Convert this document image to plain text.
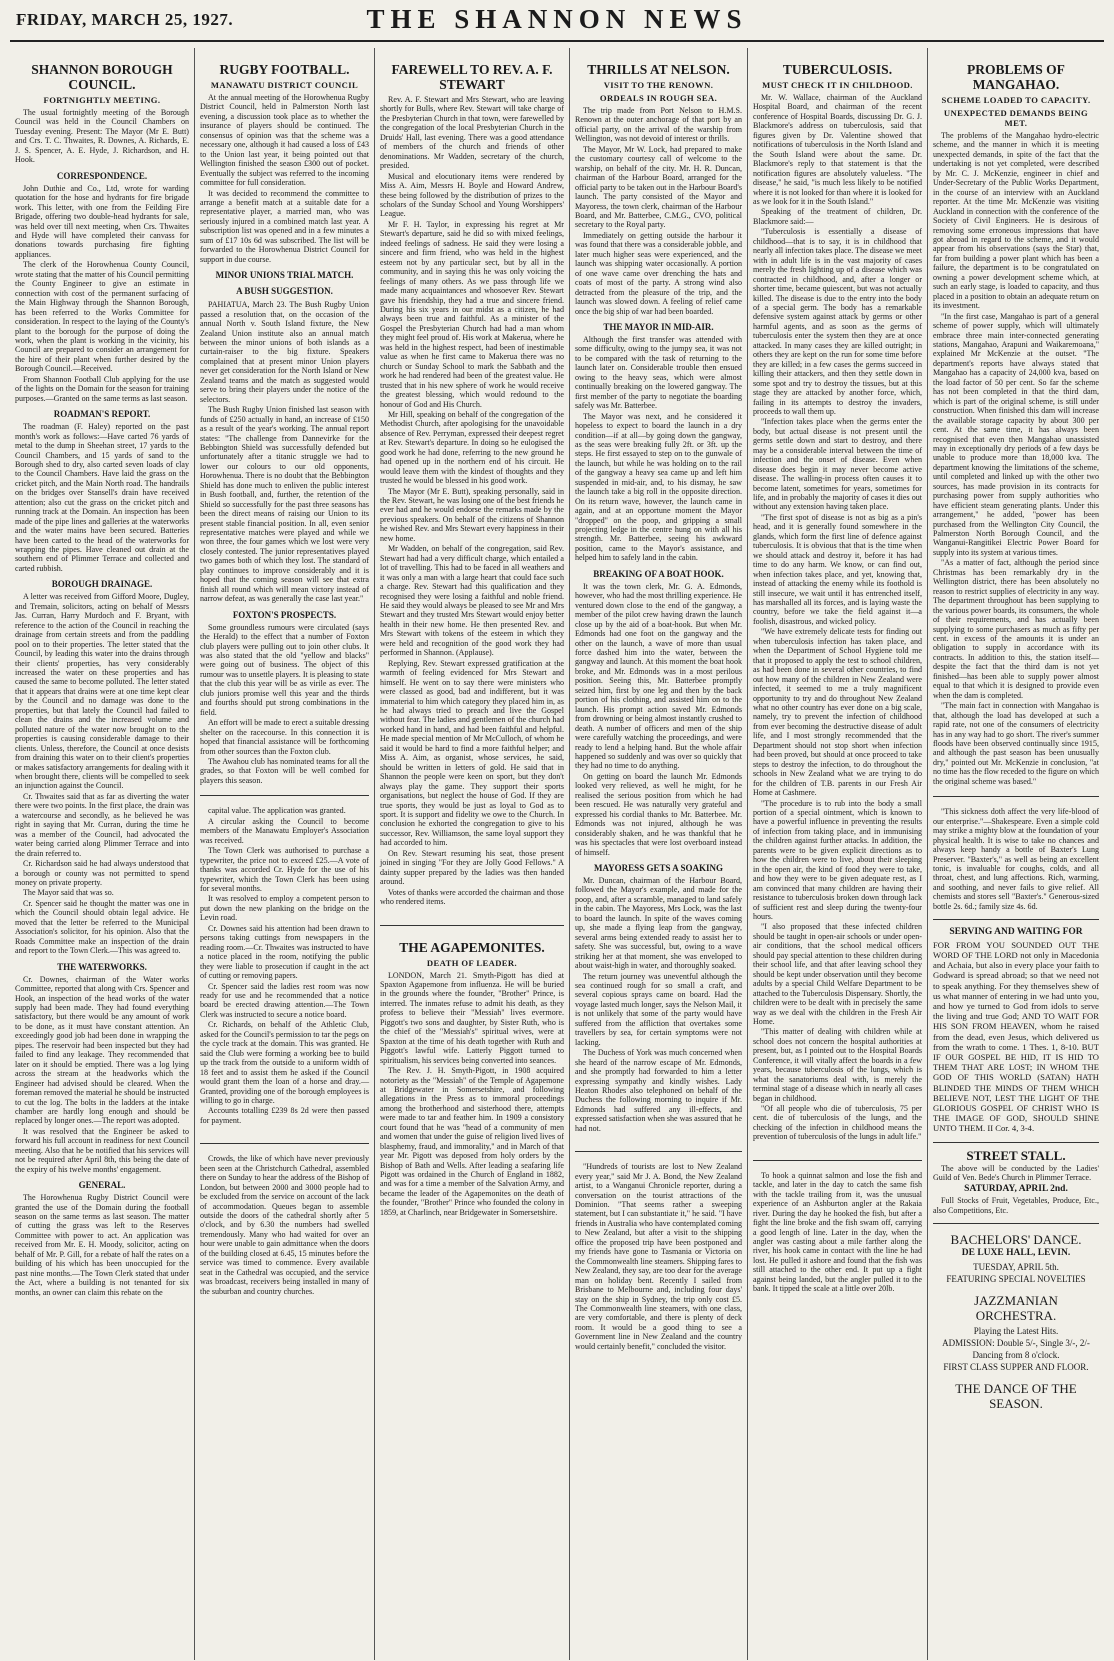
FRIDAY, MARCH 25, 1927.	THE SHANNON NEWS
SHANNON BOROUGH COUNCIL.
FORTNIGHTLY MEETING.

The usual fortnightly meeting of the Borough Council was held in the Council Chambers on Tuesday evening. Present: The Mayor (Mr E. Butt) and Crs. T. C. Thwaites, R. Downes, A. Richards, E. J. S. Spencer, A. E. Hyde, J. Richardson, and H. Hook.

CORRESPONDENCE.

John Duthie and Co., Ltd, wrote for warding quotation for the hose and hydrants for fire brigade work. This letter, with one from the Feilding Fire Brigade, offering two double-head hydrants for sale, was held over till next meeting, when Crs. Thwaites and Hyde will have completed their canvass for donations towards purchasing fire fighting appliances.

The clerk of the Horowhenua County Council, wrote stating that the matter of his Council permitting the County Engineer to give an estimate in connection with cost of the permanent surfacing of the Main Highway through the Shannon Borough, has been referred to the Works Committee for consideration. In respect to the laying of the County's plant to the borough for the purpose of doing the work, when the plant is working in the vicinity, his Council are prepared to consider an arrangement for the hire of their plant when further desired by the Borough Council.—Received.

From Shannon Football Club applying for the use of the lights on the Domain for the season for training purposes.—Granted on the same terms as last season.

ROADMAN'S REPORT.

The roadman (F. Haley) reported on the past month's work as follows:—Have carted 76 yards of metal to the dump in Sheehan street, 17 yards to the Council Chambers, and 15 yards of sand to the Borough shed to dry, also carted seven loads of clay to the Council Chambers. Have laid the grass on the cricket pitch, and the Main North road. The handrails on the bridges over Stansell's drain have received attention; also cut the grass on the cricket pitch and running track at the Domain. An inspection has been made of the pipe lines and galleries at the waterworks and the water mains have been secured. Batteries have been carted to the head of the waterworks for wrapping the pipes. Have cleaned out drain at the southern end of Plimmer Terrace and collected and carted rubbish.

BOROUGH DRAINAGE.

A letter was received from Gifford Moore, Dugley, and Tremain, solicitors, acting on behalf of Messrs Jas. Curran, Harry Murdoch and F. Bryant, with reference to the action of the Council in reaching the drainage from certain streets and from the paddling pool on to their properties. The letter stated that the Council, by leading this water into the drains through their clients' properties, has very considerably increased the water on these properties and has caused the same to become polluted. The letter stated that it appears that drains were at one time kept clear by the Council and no damage was done to the properties, but that lately the Council had failed to clean the drains and the increased volume and polluted nature of the water now brought on to the properties is causing considerable damage to their clients. Unless, therefore, the Council at once desists from draining this water on to their client's properties or makes satisfactory arrangements for dealing with it when brought there, clients will be compelled to seek an injunction against the Council.

Cr. Thwaites said that as far as diverting the water there were two points. In the first place, the drain was a watercourse and secondly, as he believed he was right in saying that Mr. Curran, during the time he was a member of the Council, had advocated the water being carried along Plimmer Terrace and into the drain referred to.

Cr. Richardson said he had always understood that a borough or county was not permitted to spend money on private property.

The Mayor said that was so.

Cr. Spencer said he thought the matter was one in which the Council should obtain legal advice. He moved that the letter be referred to the Municipal Association's solicitor, for his opinion. Also that the Roads Committee make an inspection of the drain and report to the Town Clerk.—This was agreed to.

THE WATERWORKS.

Cr. Downes, chairman of the Water works Committee, reported that along with Crs. Spencer and Hook, an inspection of the head works of the water supply had been made. They had found everything satisfactory, but there would be any amount of work to be done, as it must have constant attention. An exceedingly good job had been done in wrapping the pipes. The reservoir had been inspected but they had failed to find any leakage. They recommended that later on it should be emptied. There was a log lying across the stream at the headworks which the Engineer had advised should be cleared. When the foreman removed the material he should be instructed to cut the log. The bolts in the ladders at the intake chamber are hardly long enough and should be replaced by longer ones.—The report was adopted.

It was resolved that the Engineer be asked to forward his full account in readiness for next Council meeting. Also that he be notified that his services will not be required after April 8th, this being the date of the expiry of his twelve months' engagement.

GENERAL.

The Horowhenua Rugby District Council were granted the use of the Domain during the football season on the same terms as last season. The matter of cutting the grass was left to the Reserves Committee with power to act. An application was received from Mr. E. H. Moody, solicitor, acting on behalf of Mr. P. Gill, for a rebate of half the rates on a building of his which has been unoccupied for the past nine months.—The Town Clerk stated that under the Act, where a building is not tenanted for six months, an owner can claim this rebate on the

RUGBY FOOTBALL.
MANAWATU DISTRICT COUNCIL

At the annual meeting of the Horowhenua Rugby District Council, held in Palmerston North last evening, a discussion took place as to whether the insurance of players should be continued. The consensus of opinion was that the scheme was a necessary one, although it had caused a loss of £43 to the Union last year, it being pointed out that Wellington finished the season £300 out of pocket. Eventually the subject was referred to the incoming committee for full consideration.

It was decided to recommend the committee to arrange a benefit match at a suitable date for a representative player, a married man, who was seriously injured in a combined match last year. A subscription list was opened and in a few minutes a sum of £17 10s 6d was subscribed. The list will be forwarded to the Horowhenua District Council for support in due course.

MINOR UNIONS TRIAL MATCH.
A BUSH SUGGESTION.

PAHIATUA, March 23. The Bush Rugby Union passed a resolution that, on the occasion of the annual North v. South Island fixture, the New Zealand Union institute also an annual match between the minor unions of both islands as a curtain-raiser to the big fixture. Speakers complained that at present minor Union players never get consideration for the North Island or New Zealand teams and the match as suggested would serve to bring their players under the notice of the selectors.

The Bush Rugby Union finished last season with funds of £250 actually in hand, an increase of £150 as a result of the year's working. The annual report states: "The challenge from Dannevirke for the Bebbington Shield was successfully defended but unfortunately after a titanic struggle we had to lower our colours to our old opponents, Horowhenua. There is no doubt that the Bebbington Shield has done much to enliven the public interest in Bush football, and, further, the retention of the Shield so successfully for the past three seasons has been the direct means of raising our Union to its present stable financial position. In all, even senior representative matches were played and while we won three, the four games which we lost were very closely contested. The junior representatives played two games both of which they lost. The standard of play continues to improve considerably and it is hoped that the coming season will see that extra finish all round which will mean victory instead of narrow defeat, as was generally the case last year."

FOXTON'S PROSPECTS.

Some groundless rumours were circulated (says the Herald) to the effect that a number of Foxton club players were pulling out to join other clubs. It was also stated that the old "yellow and blacks" were going out of business. The object of this rumour was to unsettle players. It is pleasing to state that the club this year will be as virile as ever. The club juniors promise well this year and the thirds and fourths should put strong combinations in the field.

An effort will be made to erect a suitable dressing shelter on the racecourse. In this connection it is hoped that financial assistance will be forthcoming from other sources than the Foxton club.

The Awahou club has nominated teams for all the grades, so that Foxton will be well combed for players this season.

capital value. The application was granted.

A circular asking the Council to become members of the Manawatu Employer's Association was received.

The Town Clerk was authorised to purchase a typewriter, the price not to exceed £25.—A vote of thanks was accorded Cr. Hyde for the use of his typewriter, which the Town Clerk has been using for several months.

It was resolved to employ a competent person to put down the new planking on the bridge on the Levin road.

Cr. Downes said his attention had been drawn to persons taking cuttings from newspapers in the reading room.—Cr. Thwaites was instructed to have a notice placed in the room, notifying the public they were liable to prosecution if caught in the act of cutting or removing papers.

Cr. Spencer said the ladies rest room was now ready for use and he recommended that a notice board be erected drawing attention.—The Town Clerk was instructed to secure a notice board.

Cr. Richards, on behalf of the Athletic Club, asked for the Council's permission to tar the pegs on the cycle track at the domain. This was granted. He said the Club were forming a working bee to build up the track from the outside to a uniform width of 18 feet and to assist them he asked if the Council would grant them the loan of a horse and dray.—Granted, providing one of the borough employees is willing to go in charge.

Accounts totalling £239 8s 2d were then passed for payment.

Crowds, the like of which have never previously been seen at the Christchurch Cathedral, assembled there on Sunday to hear the address of the Bishop of London, but between 2000 and 3000 people had to be excluded from the service on account of the lack of accommodation. Queues began to assemble outside the doors of the cathedral shortly after 5 o'clock, and by 6.30 the numbers had swelled tremendously. Many who had waited for over an hour were unable to gain admittance when the doors of the building closed at 6.45, 15 minutes before the service was timed to commence. Every available seat in the Cathedral was occupied, and the service was broadcast, receivers being installed in many of the suburban and country churches.

FAREWELL TO REV. A. F. STEWART

Rev. A. F. Stewart and Mrs Stewart, who are leaving shortly for Bulls, where Rev. Stewart will take charge of the Presbyterian Church in that town, were farewelled by the congregation of the local Presbyterian Church in the Druids' Hall, last evening. There was a good attendance of members of the church and friends of other denominations. Mr Wadden, secretary of the church, presided.

Musical and elocutionary items were rendered by Miss A. Aim, Messrs H. Boyle and Howard Andrew, these being followed by the distribution of prizes to the scholars of the Sunday School and Young Worshippers' League.

Mr F. H. Taylor, in expressing his regret at Mr Stewart's departure, said he did so with mixed feelings, indeed feelings of sadness. He said they were losing a sincere and firm friend, who was held in the highest esteem not by any particular sect, but by all in the community, and in saying this he was only voicing the feelings of many others. As we pass through life we made many acquaintances and whosoever Rev. Stewart gave his friendship, they had a true and sincere friend. During his six years in our midst as a citizen, he had always been true and faithful. As a minister of the Gospel the Presbyterian Church had had a man whom they might feel proud of. His work at Makerua, where he was held in the highest respect, had been of inestimable value as when he first came to Makerua there was no church or Sunday School to mark the Sabbath and the work he had rendered had been of the greatest value. He trusted that in his new sphere of work he would receive the greatest blessing, which would redound to the honour of God and His Church.

Mr Hill, speaking on behalf of the congregation of the Methodist Church, after apologising for the unavoidable absence of Rev. Perryman, expressed their deepest regret at Rev. Stewart's departure. In doing so he eulogised the good work he had done, referring to the new ground he had opened up in the northern end of his circuit. He would leave them with the kindest of thoughts and they trusted he would be blessed in his good work.

The Mayor (Mr E. Butt), speaking personally, said in the Rev. Stewart, he was losing one of the best friends he ever had and he would endorse the remarks made by the previous speakers. On behalf of the citizens of Shannon he wished Rev. and Mrs Stewart every happiness in their new home.

Mr Wadden, on behalf of the congregation, said Rev. Stewart had had a very difficult charge, which entailed a lot of travelling. This had to be faced in all weathers and it was only a man with a large heart that could face such a charge. Rev. Stewart had this qualification and they recognised they were losing a faithful and noble friend. He said they would always be pleased to see Mr and Mrs Stewart and they trusted Mrs Stewart would enjoy better health in their new home. He then presented Rev. and Mrs Stewart with tokens of the esteem in which they were held and recognition of the good work they had performed in Shannon. (Applause).

Replying, Rev. Stewart expressed gratification at the warmth of feeling evidenced for Mrs Stewart and himself. He went on to say there were ministers who were classed as good, bad and indifferent, but it was immaterial to him which category they placed him in, as he had always tried to preach and live the Gospel without fear. The ladies and gentlemen of the church had worked hand in hand, and had been faithful and helpful. He made special mention of Mr McCulloch, of whom he said it would be hard to find a more faithful helper; and Miss A. Aim, as organist, whose services, he said, should be written in letters of gold. He said that in Shannon the people were keen on sport, but they don't always play the game. They support their sports organisations, but neglect the house of God. If they are true sports, they would be just as loyal to God as to sport. It is support and fidelity we owe to the Church. In conclusion he exhorted the congregation to give to his successor, Rev. Williamson, the same loyal support they had accorded to him.

On Rev. Stewart resuming his seat, those present joined in singing "For they are Jolly Good Fellows." A dainty supper prepared by the ladies was then handed around.

Votes of thanks were accorded the chairman and those who rendered items.

THE AGAPEMONITES.
DEATH OF LEADER.

LONDON, March 21. Smyth-Pigott has died at Spaxton Agapemone from influenza. He will be buried in the grounds where the founder, "Brother" Prince, is interred. The inmates refuse to admit his death, as they profess to believe their "Messiah" lives evermore. Piggott's two sons and daughter, by Sister Ruth, who is the chief of the "Messiah's" spiritual wives, were at Spaxton at the time of his death together with Ruth and Piggott's lawful wife. Latterly Piggott turned to spiritualism, his services being converted into seances.

The Rev. J. H. Smyth-Pigott, in 1908 acquired notoriety as the "Messiah" of the Temple of Agapemone at Bridgewater in Somersetshire, and following allegations in the Press as to immoral proceedings among the brotherhood and sisterhood there, attempts were made to tar and feather him. In 1909 a consistory court found that he was "head of a community of men and women that under the guise of religion lived lives of blasphemy, fraud, and immorality," and in March of that year Mr. Pigott was deposed from holy orders by the Bishop of Bath and Wells. After leading a seafaring life Pigott was ordained in the Church of England in 1882, and was for a time a member of the Salvation Army, and became the leader of the Agapemonites on the death of the founder, "Brother" Prince who founded the colony in 1859, at Charlinch, near Bridgewater in Somersetshire.

THRILLS AT NELSON.
VISIT TO THE RENOWN.
ORDEALS IN ROUGH SEA.

The trip made from Port Nelson to H.M.S. Renown at the outer anchorage of that port by an official party, on the arrival of the warship from Wellington, was not devoid of interest or thrills.

The Mayor, Mr W. Lock, had prepared to make the customary courtesy call of welcome to the warship, on behalf of the city. Mr. H. R. Duncan, chairman of the Harbour Board, arranged for the official party to be taken out in the Harbour Board's launch. The party consisted of the Mayor and Mayoress, the town clerk, chairman of the Harbour Board, and Mr. Batterbee, C.M.G., CVO, political secretary to the Royal party.

Immediately on getting outside the harbour it was found that there was a considerable jobble, and later much higher seas were experienced, and the launch was shipping water occasionally. A portion of one wave came over drenching the hats and coats of most of the party. A strong wind also detracted from the pleasure of the trip, and the launch was slowed down. A feeling of relief came once the big ship of war had been boarded.

THE MAYOR IN MID-AIR.

Although the first transfer was attended with some difficulty, owing to the jumpy sea, it was not to be compared with the task of returning to the launch later on. Considerable trouble then ensued owing to the heavy seas, which were almost continually breaking on the lowered gangway. The first member of the party to negotiate the boarding safely was Mr. Batterbee.

The Mayor was next, and he considered it hopeless to expect to board the launch in a dry condition—if at all—by going down the gangway, as the seas were breaking fully 2ft. or 3ft. up the steps. He first essayed to step on to the gunwale of the launch, but while he was holding on to the rail of the gangway a heavy sea came up and left him suspended in mid-air, and, to his dismay, he saw the launch take a big roll in the opposite direction. On its return wave, however, the launch came in again, and at an opportune moment the Mayor "dropped" on the poop, and gripping a small projecting ledge in the centre hung on with all his strength. Mr. Batterbee, seeing his awkward position, came to the Mayor's assistance, and helped him to safely land in the cabin.

BREAKING OF A BOAT HOOK.

It was the town clerk, Mr. G. A. Edmonds, however, who had the most thrilling experience. He ventured down close to the end of the gangway, a member of the pilot crew having drawn the launch close up by the aid of a boat-hook. But when Mr. Edmonds had one foot on the gangway and the other on the launch, a wave of more than usual force dashed him into the water, between the gangway and launch. At this moment the boat hook broke, and Mr. Edmonds was in a most perilous position. Seeing this, Mr. Batterbee promptly seized him, first by one leg and then by the back portion of his clothing, and assisted him on to the launch. His prompt action saved Mr. Edmonds from drowning or being almost instantly crushed to death. A number of officers and men of the ship were carefully watching the proceedings, and were ready to lend a helping hand. But the whole affair happened so suddenly and was over so quickly that they had no time to do anything.

On getting on board the launch Mr. Edmonds looked very relieved, as well he might, for he realised the serious position from which he had been rescued. He was naturally very grateful and expressed his cordial thanks to Mr. Batterbee. Mr. Edmonds was not injured, although he was considerably shaken, and he was thankful that he was his spectacles that were lost overboard instead of himself.

MAYORESS GETS A SOAKING

Mr. Duncan, chairman of the Harbour Board, followed the Mayor's example, and made for the poop, and, after a scramble, managed to land safely in the cabin. The Mayoress, Mrs Lock, was the last to board the launch. In spite of the waves coming up, she made a flying leap from the gangway, several arms being extended ready to assist her to safety. She was successful, but, owing to a wave striking her at that moment, she was enveloped to about waist-high in water, and thoroughly soaked.

The return journey was uneventful although the sea continued rough for so small a craft, and several copious sprays came on board. Had the voyage lasted much longer, says the Nelson Mail, it is not unlikely that some of the party would have suffered from the affliction that overtakes some travellers by sea, for certain symptoms were not lacking.

The Duchess of York was much concerned when she heard of the narrow escape of Mr. Edmonds, and she promptly had forwarded to him a letter expressing sympathy and kindly wishes. Lady Heaton Rhodes also telephoned on behalf of the Duchess the following morning to inquire if Mr. Edmonds had suffered any ill-effects, and expressed satisfaction when she was assured that he had not.

"Hundreds of tourists are lost to New Zealand every year," said Mr J. A. Bond, the New Zealand artist, to a Wanganui Chronicle reporter, during a conversation on the tourist attractions of the Dominion. "That seems rather a sweeping statement, but I can substantiate it," he said. "I have friends in Australia who have contemplated coming to New Zealand, but after a visit to the shipping office the proposed trip have been postponed and my friends have gone to Tasmania or Victoria on the Commonwealth line steamers. Shipping fares to New Zealand, they say, are too dear for the average man on holiday bent. Recently I sailed from Brisbane to Melbourne and, including four days' stay on the ship in Sydney, the trip only cost £5. The Commonwealth line steamers, with one class, are very comfortable, and there is plenty of deck room. It would be a good thing to see a Government line in New Zealand and the country would certainly benefit," concluded the visitor.

TUBERCULOSIS.
MUST CHECK IT IN CHILDHOOD.

Mr. W. Wallace, chairman of the Auckland Hospital Board, and chairman of the recent conference of Hospital Boards, discussing Dr. G. J. Blackmore's address on tuberculosis, said that figures given by Dr. Valentine showed that notifications of tuberculosis in the North Island and the South Island were about the same. Dr. Blackmore's reply to that statement is that the notification figures are absolutely valueless. "The disease," he said, "is much less likely to be notified where it is not looked for than where it is looked for as we look for it in the South Island."

Speaking of the treatment of children, Dr. Blackmore said:—

"Tuberculosis is essentially a disease of childhood—that is to say, it is in childhood that nearly all infection takes place. The disease we meet with in adult life is in the vast majority of cases merely the fresh lighting up of a disease which was contracted in childhood, and, after a longer or shorter time, became quiescent, but was not actually killed. The disease is due to the entry into the body of a special germ. The body has a remarkable defensive system against attack by germs or other harmful agents, and as soon as the germs of tuberculosis enter the system then they are at once attacked. In many cases they are killed outright; in others they are kept on the run for some time before they are killed; in a few cases the germs succeed in killing their attackers, and then they settle down in some spot and try to destroy the tissues, but at this stage they are attacked by another force, which, failing in its attempts to destroy the invaders, proceeds to wall them up.

"Infection takes place when the germs enter the body, but actual disease is not present until the germs settle down and start to destroy, and there may be a considerable interval between the time of infection and the onset of disease. Even when disease does begin it may never become active disease. The walling-in process often causes it to become latent, sometimes for years, sometimes for life, and in probably the majority of cases it dies out without any extension having taken place.

"The first spot of disease is not as big as a pin's head, and it is generally found somewhere in the glands, which form the first line of defence against tuberculosis. It is obvious that that is the time when we should attack and destroy it, before it has had time to do any harm. We know, or can find out, when infection takes place, and yet, knowing that, instead of attacking the enemy while its foothold is still insecure, we wait until it has entrenched itself, has marshalled all its forces, and is laying waste the country, before we take the field against it—a foolish, disastrous, and wicked policy.

"We have extremely delicate tests for finding out when tuberculosis infection has taken place, and when the Department of School Hygiene told me that it proposed to apply the test to school children, as had been done in several other countries, to find out how many of the children in New Zealand were infected, it seemed to me a truly magnificent opportunity to try and do throughout New Zealand what no other country has ever done on a big scale, namely, try to prevent the infection of childhood from ever becoming the destructive disease of adult life, and I most strongly recommended that the Department should not stop short when infection had been proved, but should at once proceed to take steps to destroy the infection, to do throughout the schools in New Zealand what we are trying to do for the children of T.B. parents in our Fresh Air Home at Cashmere.

"The procedure is to rub into the body a small portion of a special ointment, which is known to have a powerful influence in preventing the results of infection from taking place, and in immunising the children against further attacks. In addition, the parents were to be given explicit directions as to how the children were to live, about their sleeping in the open air, the kind of food they were to take, and how they were to be given adequate rest, as I am convinced that many children are having their resistance to tuberculosis broken down through lack of sufficient rest and sleep during the twenty-four hours.

"I also proposed that these infected children should be taught in open-air schools or under open-air conditions, that the school medical officers should pay special attention to these children during their school life, and that after leaving school they should be kept under observation until they become adults by a special Child Welfare Department to be attached to the Tuberculosis Dispensary. Shortly, the children were to be dealt with in precisely the same way as we deal with the children in the Fresh Air Home.

"This matter of dealing with children while at school does not concern the hospital authorities at present, but, as I pointed out to the Hospital Boards Conference, it will vitally affect the boards in a few years, because tuberculosis of the lungs, which is what the sanatoriums deal with, is merely the terminal stage of a disease which in nearly all cases began in childhood.

"Of all people who die of tuberculosis, 75 per cent. die of tuberculosis of the lungs, and the checking of the infection in childhood means the prevention of tuberculosis of the lungs in adult life."

To hook a quinnat salmon and lose the fish and tackle, and later in the day to catch the same fish with the tackle trailing from it, was the unusual experience of an Ashburton angler at the Rakaia river. During the day he hooked the fish, but after a fight the line broke and the fish swam off, carrying a good length of line. Later in the day, when the angler was casting about a mile farther along the river, his hook came in contact with the line he had lost. He pulled it ashore and found that the fish was still attached to the other end. It put up a fight against being landed, but the angler pulled it to the bank. It tipped the scale at a little over 20lb.

PROBLEMS OF MANGAHAO.
SCHEME LOADED TO CAPACITY.
UNEXPECTED DEMANDS BEING MET.

The problems of the Mangahao hydro-electric scheme, and the manner in which it is meeting unexpected demands, in spite of the fact that the undertaking is not yet completed, were described by Mr. C. J. McKenzie, engineer in chief and Under-Secretary of the Public Works Department, in the course of an interview with an Auckland reporter. At the time Mr. McKenzie was visiting Auckland in connection with the conference of the Society of Civil Engineers. He is desirous of removing some erroneous impressions that have got abroad in regard to the scheme, and it would appear from his observations (says the Star) that, far from building a power plant which has been a failure, the department is to be congratulated on owning a power development scheme which, at such an early stage, is loaded to capacity, and thus placed in a position to obtain an adequate return on its investment.

"In the first case, Mangahao is part of a general scheme of power supply, which will ultimately embrace three main inter-connected generating stations, Mangahao, Arapuni and Waikaremoana," explained Mr McKenzie at the outset. "The department's reports have always stated that Mangahao has a capacity of 24,000 kva, based on the load factor of 50 per cent. So far the scheme has not been completed in that the third dam, which is part of the original scheme, is still under construction. When finished this dam will increase the available storage capacity by about 300 per cent. At the same time, it has always been recognised that even then Mangahao unassisted may in exceptionally dry periods of a few days be unable to produce more than 18,000 kva. The department knowing the limitations of the scheme, until completed and linked up with the other two sources, has made provision in its contracts for purchasing power from supply authorities who have efficient steam generating plants. Under this arrangement," he added, "power has been purchased from the Wellington City Council, the Palmerston North Borough Council, and the Wanganui-Rangitikei Electric Power Board for supply into its system at various times.

"As a matter of fact, although the period since Christmas has been remarkably dry in the Wellington district, there has been absolutely no reason to restrict supplies of electricity in any way. The department throughout has been supplying to the various power boards, its consumers, the whole of their requirements, and has actually been supplying to some purchasers as much as fifty per cent. in excess of the amounts it is under an obligation to supply in accordance with its contracts. In addition to this, the station itself—despite the fact that the third dam is not yet finished—has been able to supply power almost equal to that which it is designed to provide even when the dam is completed.

"The main fact in connection with Mangahao is that, although the load has developed at such a rapid rate, not one of the consumers of electricity has in any way had to go short. The river's summer floods have been observed continually since 1915, and although the past season has been unusually dry," pointed out Mr. McKenzie in conclusion, "at no time has the flow receded to the figure on which the original scheme was based."

"This sickness doth affect the very life-blood of our enterprise."—Shakespeare. Even a simple cold may strike a mighty blow at the foundation of your physical health. It is wise to take no chances and always keep handy a bottle of Baxter's Lung Preserver. "Baxter's," as well as being an excellent tonic, is invaluable for coughs, colds, and all throat, chest, and lung affections. Rich, warming, and soothing, and never fails to give relief. All chemists and stores sell "Baxter's." Generous-sized bottle 2s. 6d.; family size 4s. 6d.

SERVING AND WAITING FOR

FOR FROM YOU SOUNDED OUT THE WORD OF THE LORD not only in Macedonia and Achaia, but also in every place your faith to Godward is spread abroad; so that we need not to speak anything. For they themselves shew of us what manner of entering in we had unto you, and how ye turned to God from idols to serve the living and true God; AND TO WAIT FOR HIS SON FROM HEAVEN, whom he raised from the dead, even Jesus, which delivered us from the wrath to come. 1 Thes. 1, 8-10. BUT IF OUR GOSPEL BE HID, IT IS HID TO THEM THAT ARE LOST; IN WHOM THE GOD OF THIS WORLD (SATAN) HATH BLINDED THE MINDS OF THEM WHICH BELIEVE NOT, LEST THE LIGHT OF THE GLORIOUS GOSPEL OF CHRIST WHO IS THE IMAGE OF GOD, SHOULD SHINE UNTO THEM. II Cor. 4, 3-4.

STREET STALL.

The above will be conducted by the Ladies' Guild of Ven. Bede's Church in Plimmer Terrace.

SATURDAY, APRIL 2nd.

Full Stocks of Fruit, Vegetables, Produce, Etc., also Competitions, Etc.

BACHELORS' DANCE.
DE LUXE HALL, LEVIN.
TUESDAY, APRIL 5th.
FEATURING SPECIAL NOVELTIES
JAZZMANIAN ORCHESTRA.
Playing the Latest Hits.
ADMISSION: Double 5/-, Single 3/-, 2/- Dancing from 8 o'clock.
FIRST CLASS SUPPER AND FLOOR.
THE DANCE OF THE SEASON.
